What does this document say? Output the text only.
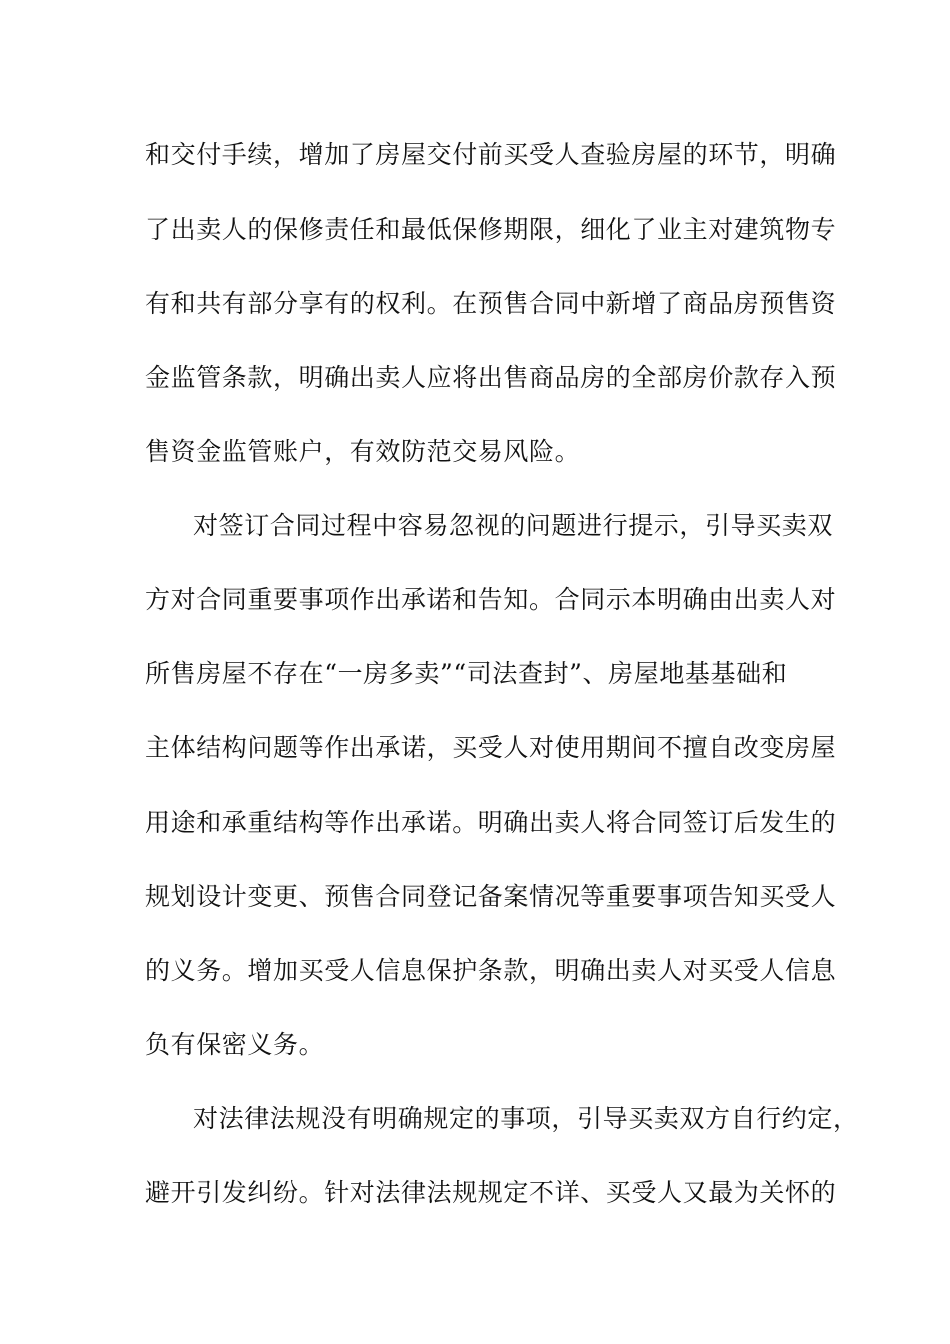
和交付手续，增加了房屋交付前买受人查验房屋的环节，明确
了出卖人的保修责任和最低保修期限，细化了业主对建筑物专
有和共有部分享有的权利。在预售合同中新增了商品房预售资
金监管条款，明确出卖人应将出售商品房的全部房价款存入预
售资金监管账户，有效防范交易风险。
对签订合同过程中容易忽视的问题进行提示，引导买卖双
方对合同重要事项作出承诺和告知。合同示本明确由出卖人对
所售房屋不存在“一房多卖”“司法查封”、房屋地基基础和
主体结构问题等作出承诺，买受人对使用期间不擅自改变房屋
用途和承重结构等作出承诺。明确出卖人将合同签订后发生的
规划设计变更、预售合同登记备案情况等重要事项告知买受人
的义务。增加买受人信息保护条款，明确出卖人对买受人信息
负有保密义务。
对法律法规没有明确规定的事项，引导买卖双方自行约定，
避开引发纠纷。针对法律法规规定不详、买受人又最为关怀的
